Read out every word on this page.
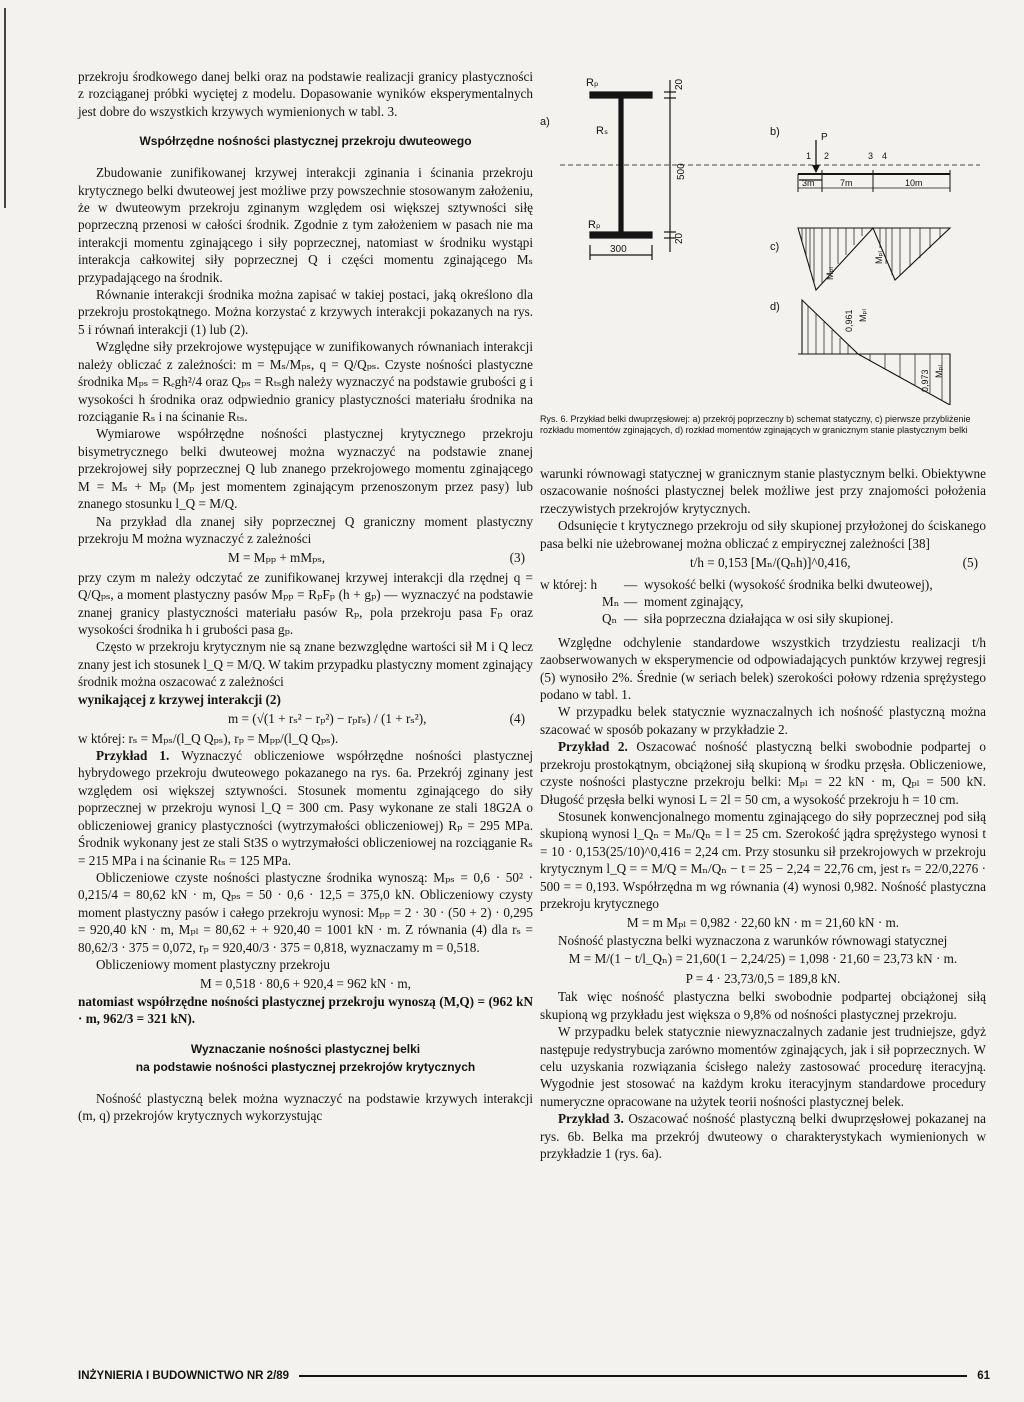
przekroju środkowego danej belki oraz na podstawie realizacji granicy plastyczności z rozciąganej próbki wyciętej z modelu. Dopasowanie wyników eksperymentalnych jest dobre do wszystkich krzywych wymienionych w tabl. 3.

Współrzędne nośności plastycznej przekroju dwuteowego

Zbudowanie zunifikowanej krzywej interakcji zginania i ścinania przekroju krytycznego belki dwuteowej jest możliwe przy powszechnie stosowanym założeniu, że w dwuteowym przekroju zginanym względem osi większej sztywności siłę poprzeczną przenosi w całości środnik. Zgodnie z tym założeniem w pasach nie ma interakcji momentu zginającego i siły poprzecznej, natomiast w środniku wystąpi interakcja całkowitej siły poprzecznej Q i części momentu zginającego Mₛ przypadającego na środnik.

Równanie interakcji środnika można zapisać w takiej postaci, jaką określono dla przekroju prostokątnego. Można korzystać z krzywych interakcji pokazanych na rys. 5 i równań interakcji (1) lub (2).

Względne siły przekrojowe występujące w zunifikowanych równaniach interakcji należy obliczać z zależności: m = Mₛ/Mₚₛ, q = Q/Qₚₛ. Czyste nośności plastyczne środnika Mₚₛ = Rₑgh²/4 oraz Qₚₛ = Rₜₛgh należy wyznaczyć na podstawie grubości g i wysokości h środnika oraz odpwiednio granicy plastyczności materiału środnika na rozciąganie Rₛ i na ścinanie Rₜₛ.

Wymiarowe współrzędne nośności plastycznej krytycznego przekroju bisymetrycznego belki dwuteowej można wyznaczyć na podstawie znanej przekrojowej siły poprzecznej Q lub znanego przekrojowego momentu zginającego M = Mₛ + Mₚ (Mₚ jest momentem zginającym przenoszonym przez pasy) lub znanego stosunku l_Q = M/Q.

Na przykład dla znanej siły poprzecznej Q graniczny moment plastyczny przekroju M można wyznaczyć z zależności

M = Mₚₚ + mMₚₛ,	(3)

przy czym m należy odczytać ze zunifikowanej krzywej interakcji dla rzędnej q = Q/Qₚₛ, a moment plastyczny pasów Mₚₚ = RₚFₚ (h + gₚ) — wyznaczyć na podstawie znanej granicy plastyczności materiału pasów Rₚ, pola przekroju pasa Fₚ oraz wysokości środnika h i grubości pasa gₚ.

Często w przekroju krytycznym nie są znane bezwzględne wartości sił M i Q lecz znany jest ich stosunek l_Q = M/Q. W takim przypadku plastyczny moment zginający środnik można oszacować z zależności

wynikającej z krzywej interakcji (2)

m = (√(1 + rₛ² − rₚ²) − rₚrₛ) / (1 + rₛ²),	(4)

w której: rₛ = Mₚₛ/(l_Q Qₚₛ), rₚ = Mₚₚ/(l_Q Qₚₛ).

Przykład 1. Wyznaczyć obliczeniowe współrzędne nośności plastycznej hybrydowego przekroju dwuteowego pokazanego na rys. 6a. Przekrój zginany jest względem osi większej sztywności. Stosunek momentu zginającego do siły poprzecznej w przekroju wynosi l_Q = 300 cm. Pasy wykonane ze stali 18G2A o obliczeniowej granicy plastyczności (wytrzymałości obliczeniowej) Rₚ = 295 MPa. Środnik wykonany jest ze stali St3S o wytrzymałości obliczeniowej na rozciąganie Rₛ = 215 MPa i na ścinanie Rₜₛ = 125 MPa.

Obliczeniowe czyste nośności plastyczne środnika wynoszą: Mₚₛ = 0,6 · 50² · 0,215/4 = 80,62 kN · m, Qₚₛ = 50 · 0,6 · 12,5 = 375,0 kN. Obliczeniowy czysty moment plastyczny pasów i całego przekroju wynosi: Mₚₚ = 2 · 30 · (50 + 2) · 0,295 = 920,40 kN · m, Mₚₗ = 80,62 + + 920,40 = 1001 kN · m. Z równania (4) dla rₛ = 80,62/3 · 375 = 0,072, rₚ = 920,40/3 · 375 = 0,818, wyznaczamy m = 0,518.

Obliczeniowy moment plastyczny przekroju

M = 0,518 · 80,6 + 920,4 = 962 kN · m,

natomiast współrzędne nośności plastycznej przekroju wynoszą (M,Q) = (962 kN · m, 962/3 = 321 kN).

Wyznaczanie nośności plastycznej belki
na podstawie nośności plastycznej przekrojów krytycznych

Nośność plastyczną belek można wyznaczyć na podstawie krzywych interakcji (m, q) przekrojów krytycznych wykorzystując

a)
Rₚ
Rₛ
Rₚ
20
500
20
300
b)	P
1 2	3 4
3m	7m	10m
c)
Mₚₗ
Mₚₗ
d)
0,961 Mₚₗ
0,973 Mₚₗ
Rys. 6. Przykład belki dwuprzęsłowej: a) przekrój poprzeczny b) schemat statyczny, c) pierwsze przybliżenie rozkładu momentów zginających, d) rozkład momentów zginających w granicznym stanie plastycznym belki

warunki równowagi statycznej w granicznym stanie plastycznym belki. Obiektywne oszacowanie nośności plastycznej belek możliwe jest przy znajomości położenia rzeczywistych przekrojów krytycznych.

Odsunięcie t krytycznego przekroju od siły skupionej przyłożonej do ściskanego pasa belki nie użebrowanej można obliczać z empirycznej zależności [38]

t/h = 0,153 [Mₙ/(Qₙh)]^0,416,	(5)
w której: h	— wysokość belki (wysokość środnika belki dwuteowej),
Mₙ — moment zginający,
Qₙ — siła poprzeczna działająca w osi siły skupionej.

Względne odchylenie standardowe wszystkich trzydziestu realizacji t/h zaobserwowanych w eksperymencie od odpowiadających punktów krzywej regresji (5) wynosiło 2%. Średnie (w seriach belek) szerokości połowy rdzenia sprężystego podano w tabl. 1.

W przypadku belek statycznie wyznaczalnych ich nośność plastyczną można szacować w sposób pokazany w przykładzie 2.

Przykład 2. Oszacować nośność plastyczną belki swobodnie podpartej o przekroju prostokątnym, obciążonej siłą skupioną w środku przęsła. Obliczeniowe, czyste nośności plastyczne przekroju belki: Mₚₗ = 22 kN · m, Qₚₗ = 500 kN. Długość przęsła belki wynosi L = 2l = 50 cm, a wysokość przekroju h = 10 cm.

Stosunek konwencjonalnego momentu zginającego do siły poprzecznej pod siłą skupioną wynosi l_Qₙ = Mₙ/Qₙ = l = 25 cm. Szerokość jądra sprężystego wynosi t = 10 · 0,153(25/10)^0,416 = 2,24 cm. Przy stosunku sił przekrojowych w przekroju krytycznym l_Q = = M/Q = Mₙ/Qₙ − t = 25 − 2,24 = 22,76 cm, jest rₛ = 22/0,2276 · 500 = = 0,193. Współrzędna m wg równania (4) wynosi 0,982. Nośność plastyczna przekroju krytycznego

M = m Mₚₗ = 0,982 · 22,60 kN · m = 21,60 kN · m.

Nośność plastyczna belki wyznaczona z warunków równowagi statycznej

M = M/(1 − t/l_Qₙ) = 21,60(1 − 2,24/25) = 1,098 · 21,60 = 23,73 kN · m.
P = 4 · 23,73/0,5 = 189,8 kN.

Tak więc nośność plastyczna belki swobodnie podpartej obciążonej siłą skupioną wg przykładu jest większa o 9,8% od nośności plastycznej przekroju.

W przypadku belek statycznie niewyznaczalnych zadanie jest trudniejsze, gdyż następuje redystrybucja zarówno momentów zginających, jak i sił poprzecznych. W celu uzyskania rozwiązania ścisłego należy zastosować procedurę iteracyjną. Wygodnie jest stosować na każdym kroku iteracyjnym standardowe procedury numeryczne opracowane na użytek teorii nośności plastycznej belek.

Przykład 3. Oszacować nośność plastyczną belki dwuprzęsłowej pokazanej na rys. 6b. Belka ma przekrój dwuteowy o charakterystykach wymienionych w przykładzie 1 (rys. 6a).

INŻYNIERIA I BUDOWNICTWO NR 2/89	61
